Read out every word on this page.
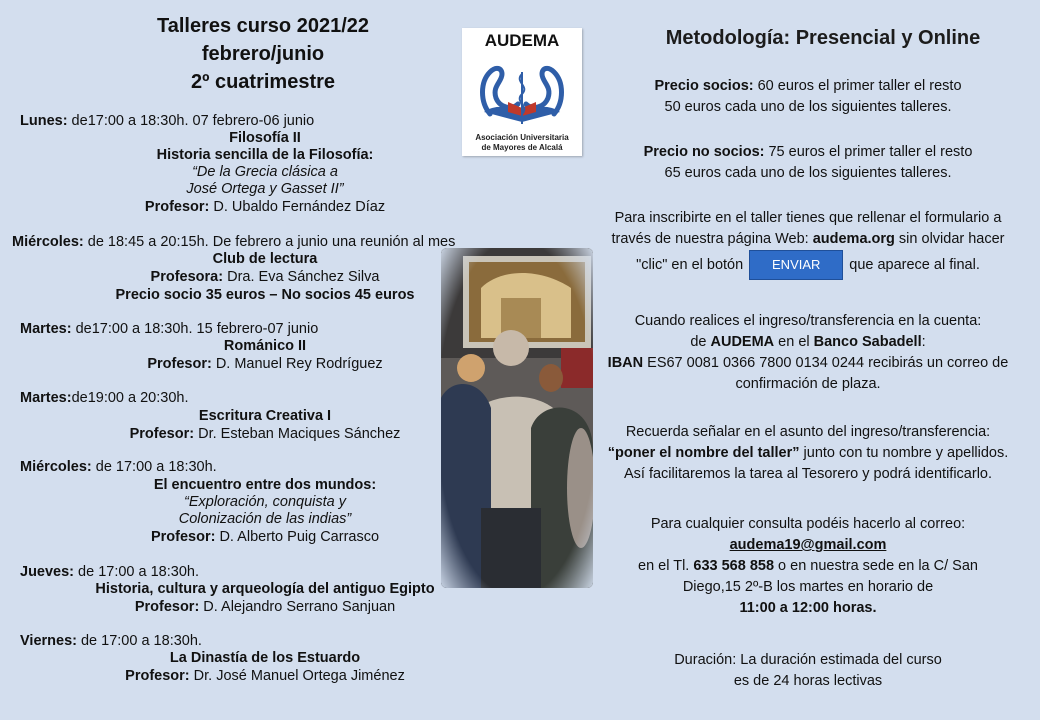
Talleres curso 2021/22
febrero/junio
2º cuatrimestre
AUDEMA
Asociación Universitaria
de Mayores de Alcalá
Lunes: de17:00 a 18:30h. 07 febrero-06 junio
Filosofía II
Historia sencilla de la Filosofía:
“De la Grecia clásica a
José Ortega y Gasset II”
Profesor: D. Ubaldo Fernández Díaz
Miércoles: de 18:45 a 20:15h. De febrero a junio una reunión al mes
Club de lectura
Profesora: Dra. Eva Sánchez Silva
Precio socio 35 euros – No socios 45 euros
Martes: de17:00 a 18:30h. 15 febrero-07 junio
Románico II
Profesor: D. Manuel Rey Rodríguez
Martes:de19:00 a 20:30h.
Escritura Creativa I
Profesor: Dr. Esteban Maciques Sánchez
Miércoles: de 17:00 a 18:30h.
El encuentro entre dos mundos:
“Exploración, conquista y
Colonización de las indias”
Profesor: D. Alberto Puig Carrasco
Jueves: de 17:00 a 18:30h.
Historia, cultura y arqueología del antiguo Egipto
Profesor: D. Alejandro Serrano Sanjuan
Viernes: de 17:00 a 18:30h.
La Dinastía de los Estuardo
Profesor: Dr. José Manuel Ortega Jiménez
Metodología: Presencial y Online
Precio socios: 60 euros el primer taller el resto
50 euros cada uno de los siguientes talleres.
Precio no socios: 75 euros el primer taller el resto
65 euros cada uno de los siguientes talleres.
Para inscribirte en el taller tienes que rellenar el formulario a
través de nuestra página Web: audema.org sin olvidar hacer
"clic" en el botón ENVIAR que aparece al final.
Cuando realices el ingreso/transferencia en la cuenta:
de AUDEMA en el Banco Sabadell:
IBAN ES67 0081 0366 7800 0134 0244 recibirás un correo de
confirmación de plaza.
Recuerda señalar en el asunto del ingreso/transferencia:
“poner el nombre del taller” junto con tu nombre y apellidos.
Así facilitaremos la tarea al Tesorero y podrá identificarlo.
Para cualquier consulta podéis hacerlo al correo:
audema19@gmail.com
en el Tl. 633 568 858 o en nuestra sede en la C/ San
Diego,15 2º-B los martes en horario de
11:00 a 12:00 horas.
Duración: La duración estimada del curso
es de 24 horas lectivas
